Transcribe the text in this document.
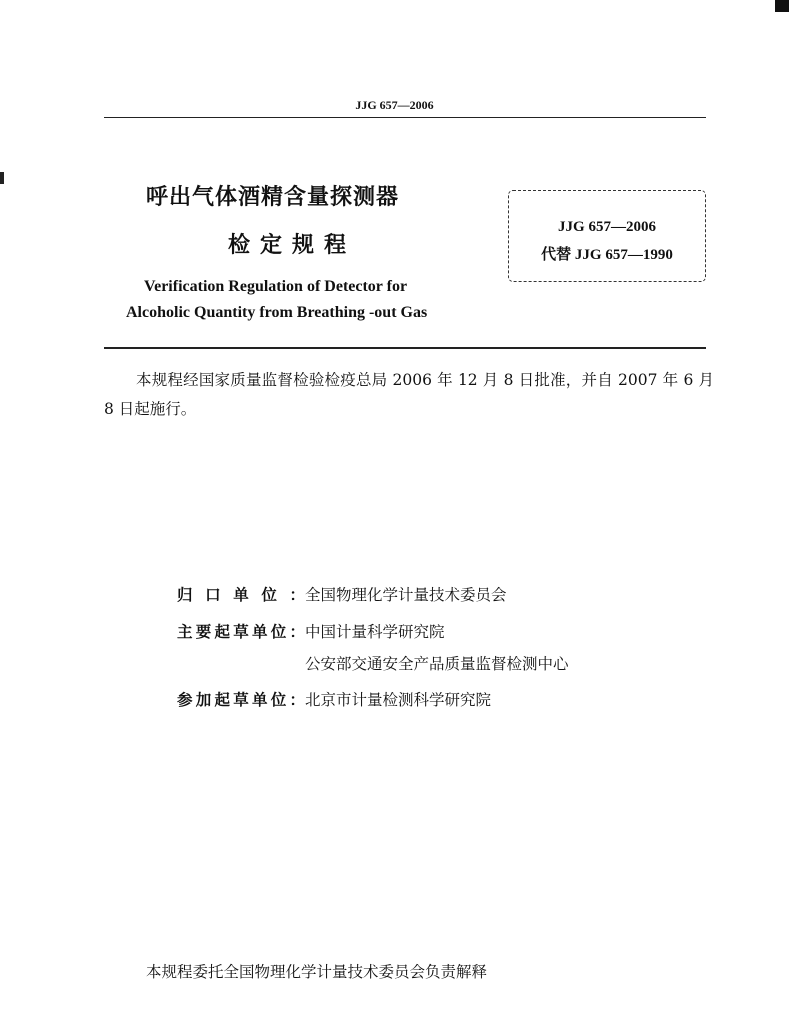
JJG 657—2006
呼出气体酒精含量探测器
检定规程
Verification Regulation of Detector for
Alcoholic Quantity from Breathing -out Gas
JJG 657—2006
代替 JJG 657—1990
本规程经国家质量监督检验检疫总局 2006 年 12 月 8 日批准，并自 2007 年 6 月 8 日起施行。
归口单位：全国物理化学计量技术委员会
主要起草单位：中国计量科学研究院
公安部交通安全产品质量监督检测中心
参加起草单位：北京市计量检测科学研究院
本规程委托全国物理化学计量技术委员会负责解释
